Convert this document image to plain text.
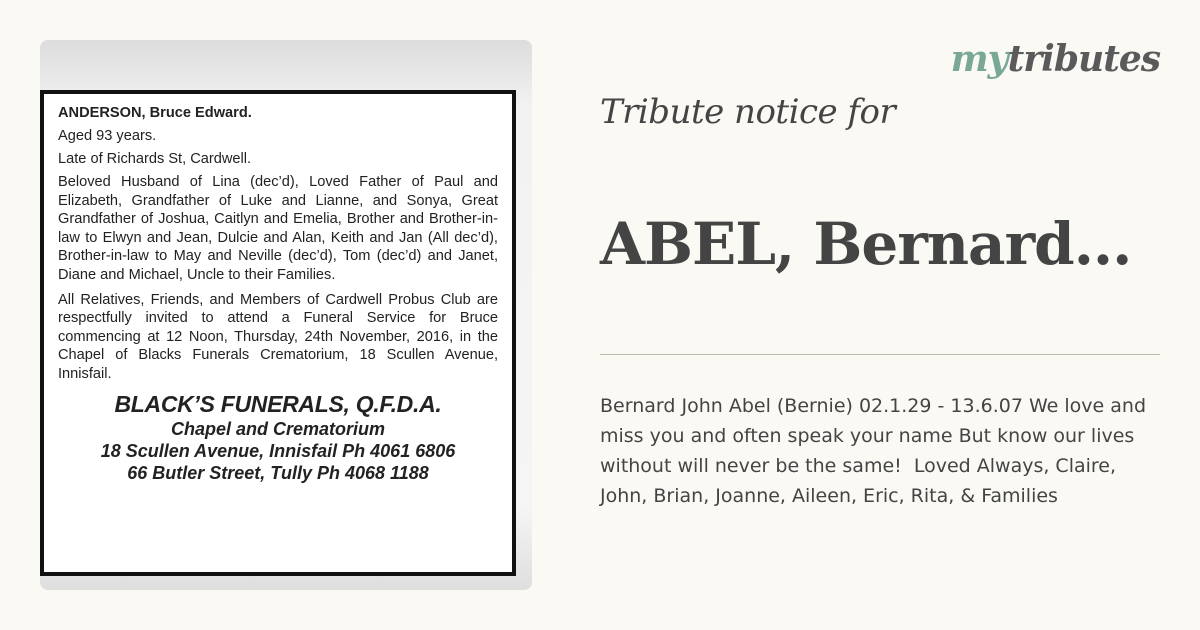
ANDERSON, Bruce Edward.

Aged 93 years.

Late of Richards St, Cardwell.

Beloved Husband of Lina (dec’d), Loved Father of Paul and Elizabeth, Grandfather of Luke and Lianne, and Sonya, Great Grandfather of Joshua, Caitlyn and Emelia, Brother and Brother-in-law to Elwyn and Jean, Dulcie and Alan, Keith and Jan (All dec’d), Brother-in-law to May and Neville (dec’d), Tom (dec’d) and Janet, Diane and Michael, Uncle to their Families.

All Relatives, Friends, and Members of Cardwell Probus Club are respectfully invited to attend a Funeral Service for Bruce commencing at 12 Noon, Thursday, 24th November, 2016, in the Chapel of Blacks Funerals Crematorium, 18 Scullen Avenue, Innisfail.

BLACK’S FUNERALS, Q.F.D.A.
Chapel and Crematorium
18 Scullen Avenue, Innisfail Ph 4061 6806
66 Butler Street, Tully Ph 4068 1188
mytributes
Tribute notice for
ABEL, Bernard...
Bernard John Abel (Bernie) 02.1.29 - 13.6.07 We love and miss you and often speak your name But know our lives without will never be the same!  Loved Always, Claire, John, Brian, Joanne, Aileen, Eric, Rita, & Families
